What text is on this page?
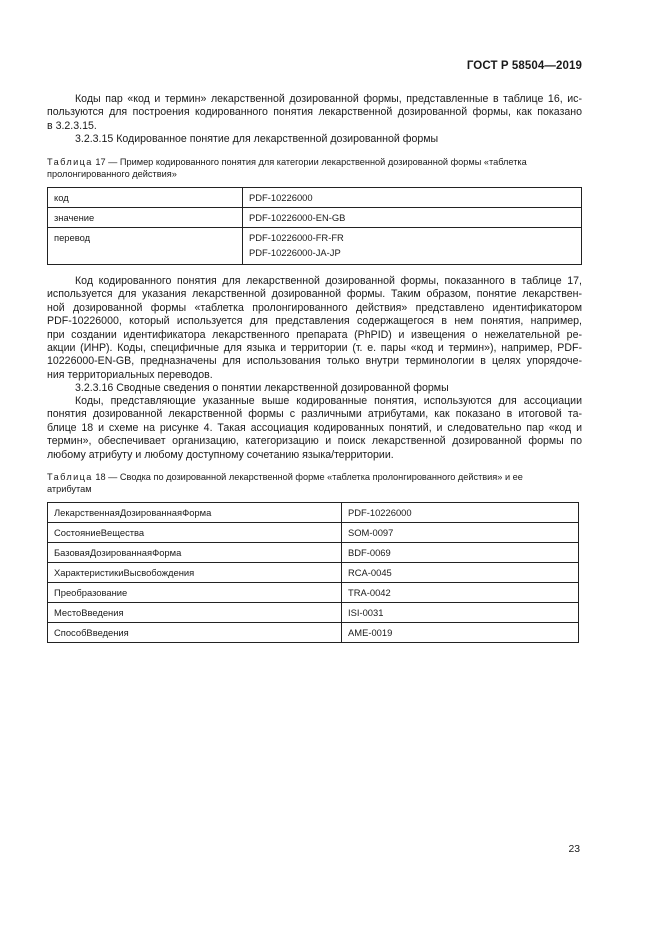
ГОСТ Р 58504—2019
Коды пар «код и термин» лекарственной дозированной формы, представленные в таблице 16, ис-
пользуются для построения кодированного понятия лекарственной дозированной формы, как показано
в 3.2.3.15.
3.2.3.15 Кодированное понятие для лекарственной дозированной формы
Таблица 17 — Пример кодированного понятия для категории лекарственной дозированной формы «таблетка
пролонгированного действия»
код	PDF-10226000
значение	PDF-10226000-EN-GB
перевод	PDF-10226000-FR-FR
PDF-10226000-JA-JP
Код кодированного понятия для лекарственной дозированной формы, показанного в таблице 17,
используется для указания лекарственной дозированной формы. Таким образом, понятие лекарствен-
ной дозированной формы «таблетка пролонгированного действия» представлено идентификатором
PDF-10226000, который используется для представления содержащегося в нем понятия, например,
при создании идентификатора лекарственного препарата (PhPID) и извещения о нежелательной ре-
акции (ИНР). Коды, специфичные для языка и территории (т. е. пары «код и термин»), например, PDF-
10226000-EN-GB, предназначены для использования только внутри терминологии в целях упорядоче-
ния территориальных переводов.
3.2.3.16 Сводные сведения о понятии лекарственной дозированной формы
Коды, представляющие указанные выше кодированные понятия, используются для ассоциации
понятия дозированной лекарственной формы с различными атрибутами, как показано в итоговой та-
блице 18 и схеме на рисунке 4. Такая ассоциация кодированных понятий, и следовательно пар «код и
термин», обеспечивает организацию, категоризацию и поиск лекарственной дозированной формы по
любому атрибуту и любому доступному сочетанию языка/территории.
Таблица 18 — Сводка по дозированной лекарственной форме «таблетка пролонгированного действия» и ее
атрибутам
ЛекарственнаяДозированнаяФорма	PDF-10226000
СостояниеВещества	SOM-0097
БазоваяДозированнаяФорма	BDF-0069
ХарактеристикиВысвобождения	RCA-0045
Преобразование	TRA-0042
МестоВведения	ISI-0031
СпособВведения	AME-0019
23
